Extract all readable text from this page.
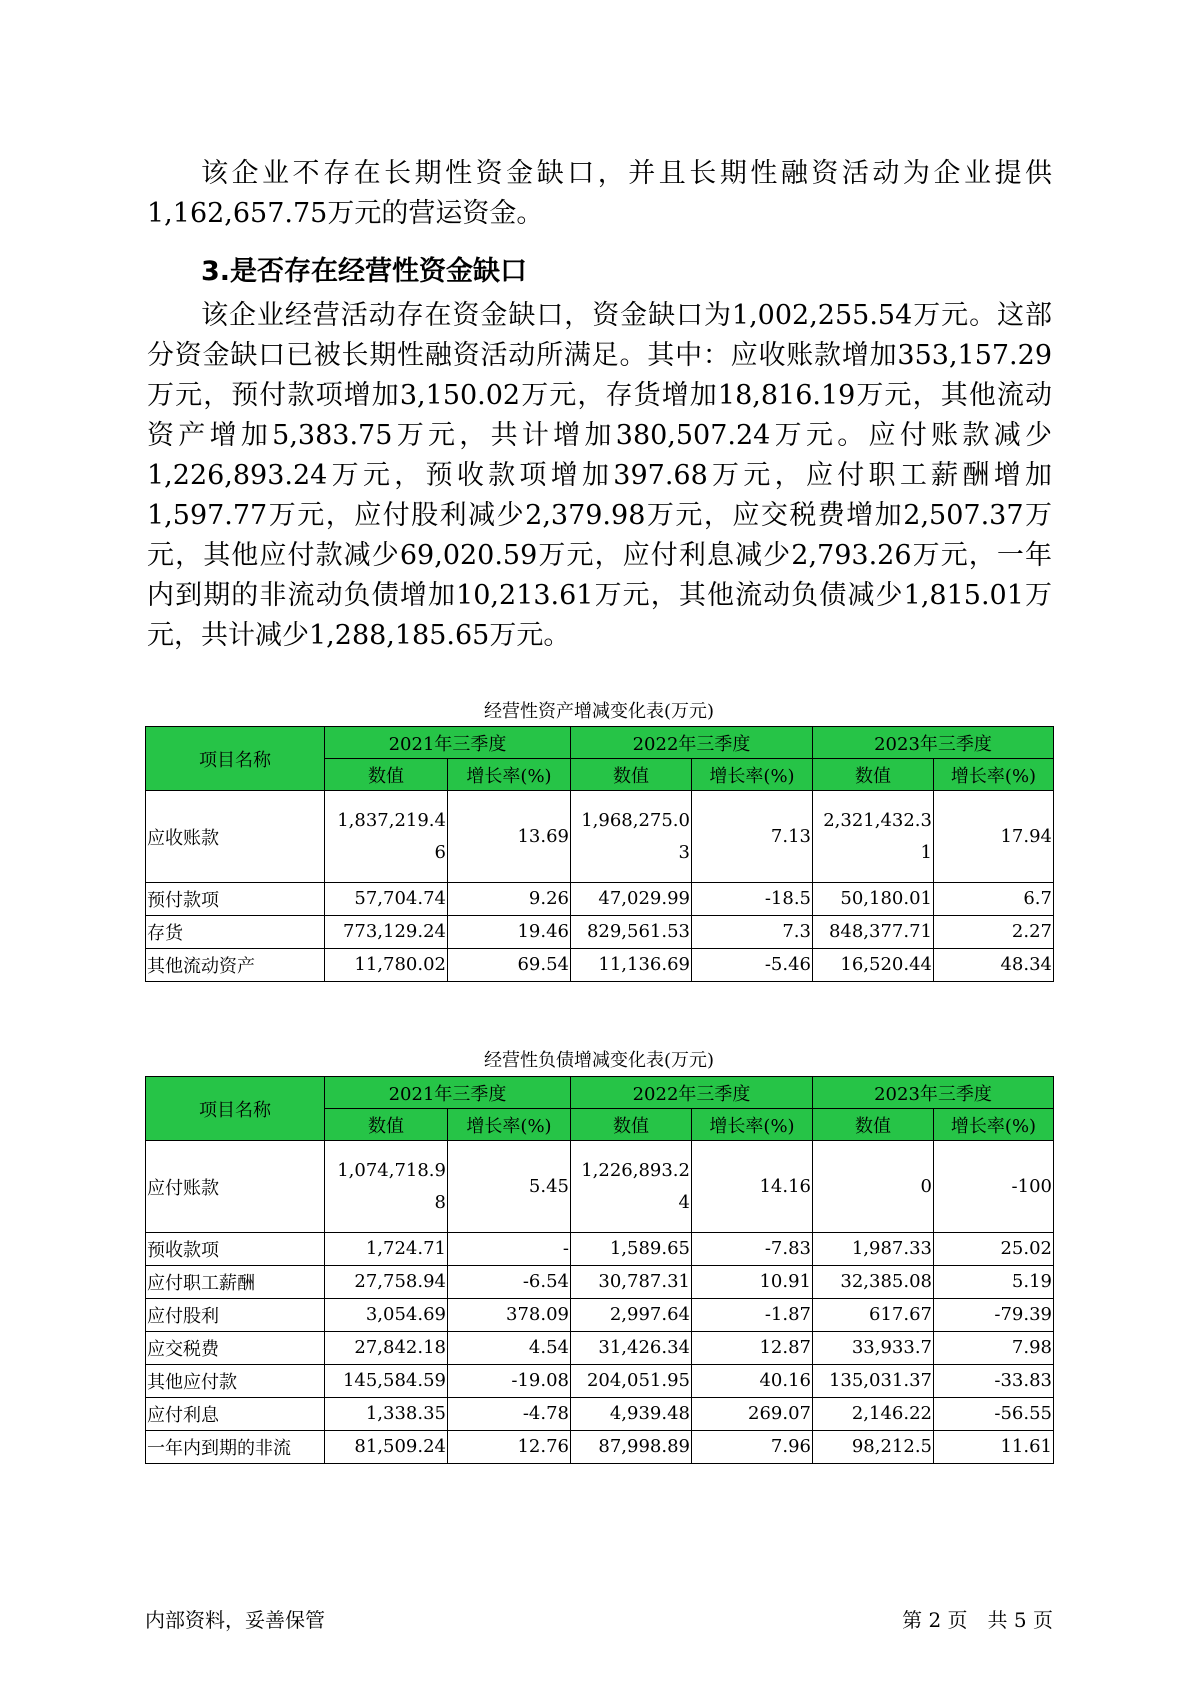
该企业不存在长期性资金缺口，并且长期性融资活动为企业提供1,162,657.75万元的营运资金。

3.是否存在经营性资金缺口

该企业经营活动存在资金缺口，资金缺口为1,002,255.54万元。这部分资金缺口已被长期性融资活动所满足。其中：应收账款增加353,157.29万元，预付款项增加3,150.02万元，存货增加18,816.19万元，其他流动资产增加5,383.75万元，共计增加380,507.24万元。应付账款减少1,226,893.24万元，预收款项增加397.68万元，应付职工薪酬增加1,597.77万元，应付股利减少2,379.98万元，应交税费增加2,507.37万元，其他应付款减少69,020.59万元，应付利息减少2,793.26万元，一年内到期的非流动负债增加10,213.61万元，其他流动负债减少1,815.01万元，共计减少1,288,185.65万元。

经营性资产增减变化表(万元)
项目名称	2021年三季度		2022年三季度		2023年三季度	
	数值	增长率(%)	数值	增长率(%)	数值	增长率(%)
应收账款	1,837,219.46	13.69	1,968,275.03	7.13	2,321,432.31	17.94
预付款项	57,704.74	9.26	47,029.99	-18.5	50,180.01	6.7
存货	773,129.24	19.46	829,561.53	7.3	848,377.71	2.27
其他流动资产	11,780.02	69.54	11,136.69	-5.46	16,520.44	48.34
经营性负债增减变化表(万元)
项目名称	2021年三季度		2022年三季度		2023年三季度	
	数值	增长率(%)	数值	增长率(%)	数值	增长率(%)
应付账款	1,074,718.98	5.45	1,226,893.24	14.16	0	-100
预收款项	1,724.71	-	1,589.65	-7.83	1,987.33	25.02
应付职工薪酬	27,758.94	-6.54	30,787.31	10.91	32,385.08	5.19
应付股利	3,054.69	378.09	2,997.64	-1.87	617.67	-79.39
应交税费	27,842.18	4.54	31,426.34	12.87	33,933.7	7.98
其他应付款	145,584.59	-19.08	204,051.95	40.16	135,031.37	-33.83
应付利息	1,338.35	-4.78	4,939.48	269.07	2,146.22	-56.55
一年内到期的非流	81,509.24	12.76	87,998.89	7.96	98,212.5	11.61
内部资料，妥善保管	第 2 页　共 5 页
